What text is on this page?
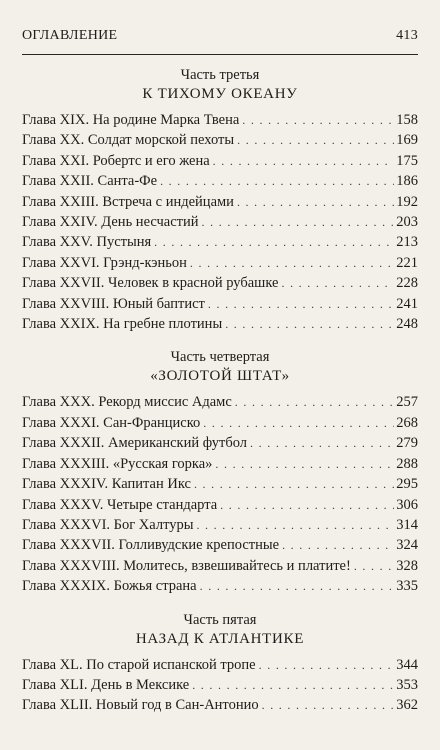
ОГЛАВЛЕНИЕ	413
Часть третья
К ТИХОМУ ОКЕАНУ
Глава XIX. На родине Марка Твена . . .	158
Глава XX. Солдат морской пехоты . . .	169
Глава XXI. Робертс и его жена . . .	175
Глава XXII. Санта-Фе . . .	186
Глава XXIII. Встреча с индейцами . . .	192
Глава XXIV. День несчастий . . .	203
Глава XXV. Пустыня . . .	213
Глава XXVI. Грэнд-кэньон . . .	221
Глава XXVII. Человек в красной рубашке . . .	228
Глава XXVIII. Юный баптист . . .	241
Глава XXIX. На гребне плотины . . .	248
Часть четвертая
«ЗОЛОТОЙ ШТАТ»
Глава XXX. Рекорд миссис Адамс . . .	257
Глава XXXI. Сан-Франциско . . .	268
Глава XXXII. Американский футбол . . .	279
Глава XXXIII. «Русская горка» . . .	288
Глава XXXIV. Капитан Икс . . .	295
Глава XXXV. Четыре стандарта . . .	306
Глава XXXVI. Бог Халтуры . . .	314
Глава XXXVII. Голливудские крепостные . . .	324
Глава XXXVIII. Молитесь, взвешивайтесь и платите! . . .	328
Глава XXXIX. Божья страна . . .	335
Часть пятая
НАЗАД К АТЛАНТИКЕ
Глава XL. По старой испанской тропе . . .	344
Глава XLI. День в Мексике . . .	353
Глава XLII. Новый год в Сан-Антонио . . .	362
